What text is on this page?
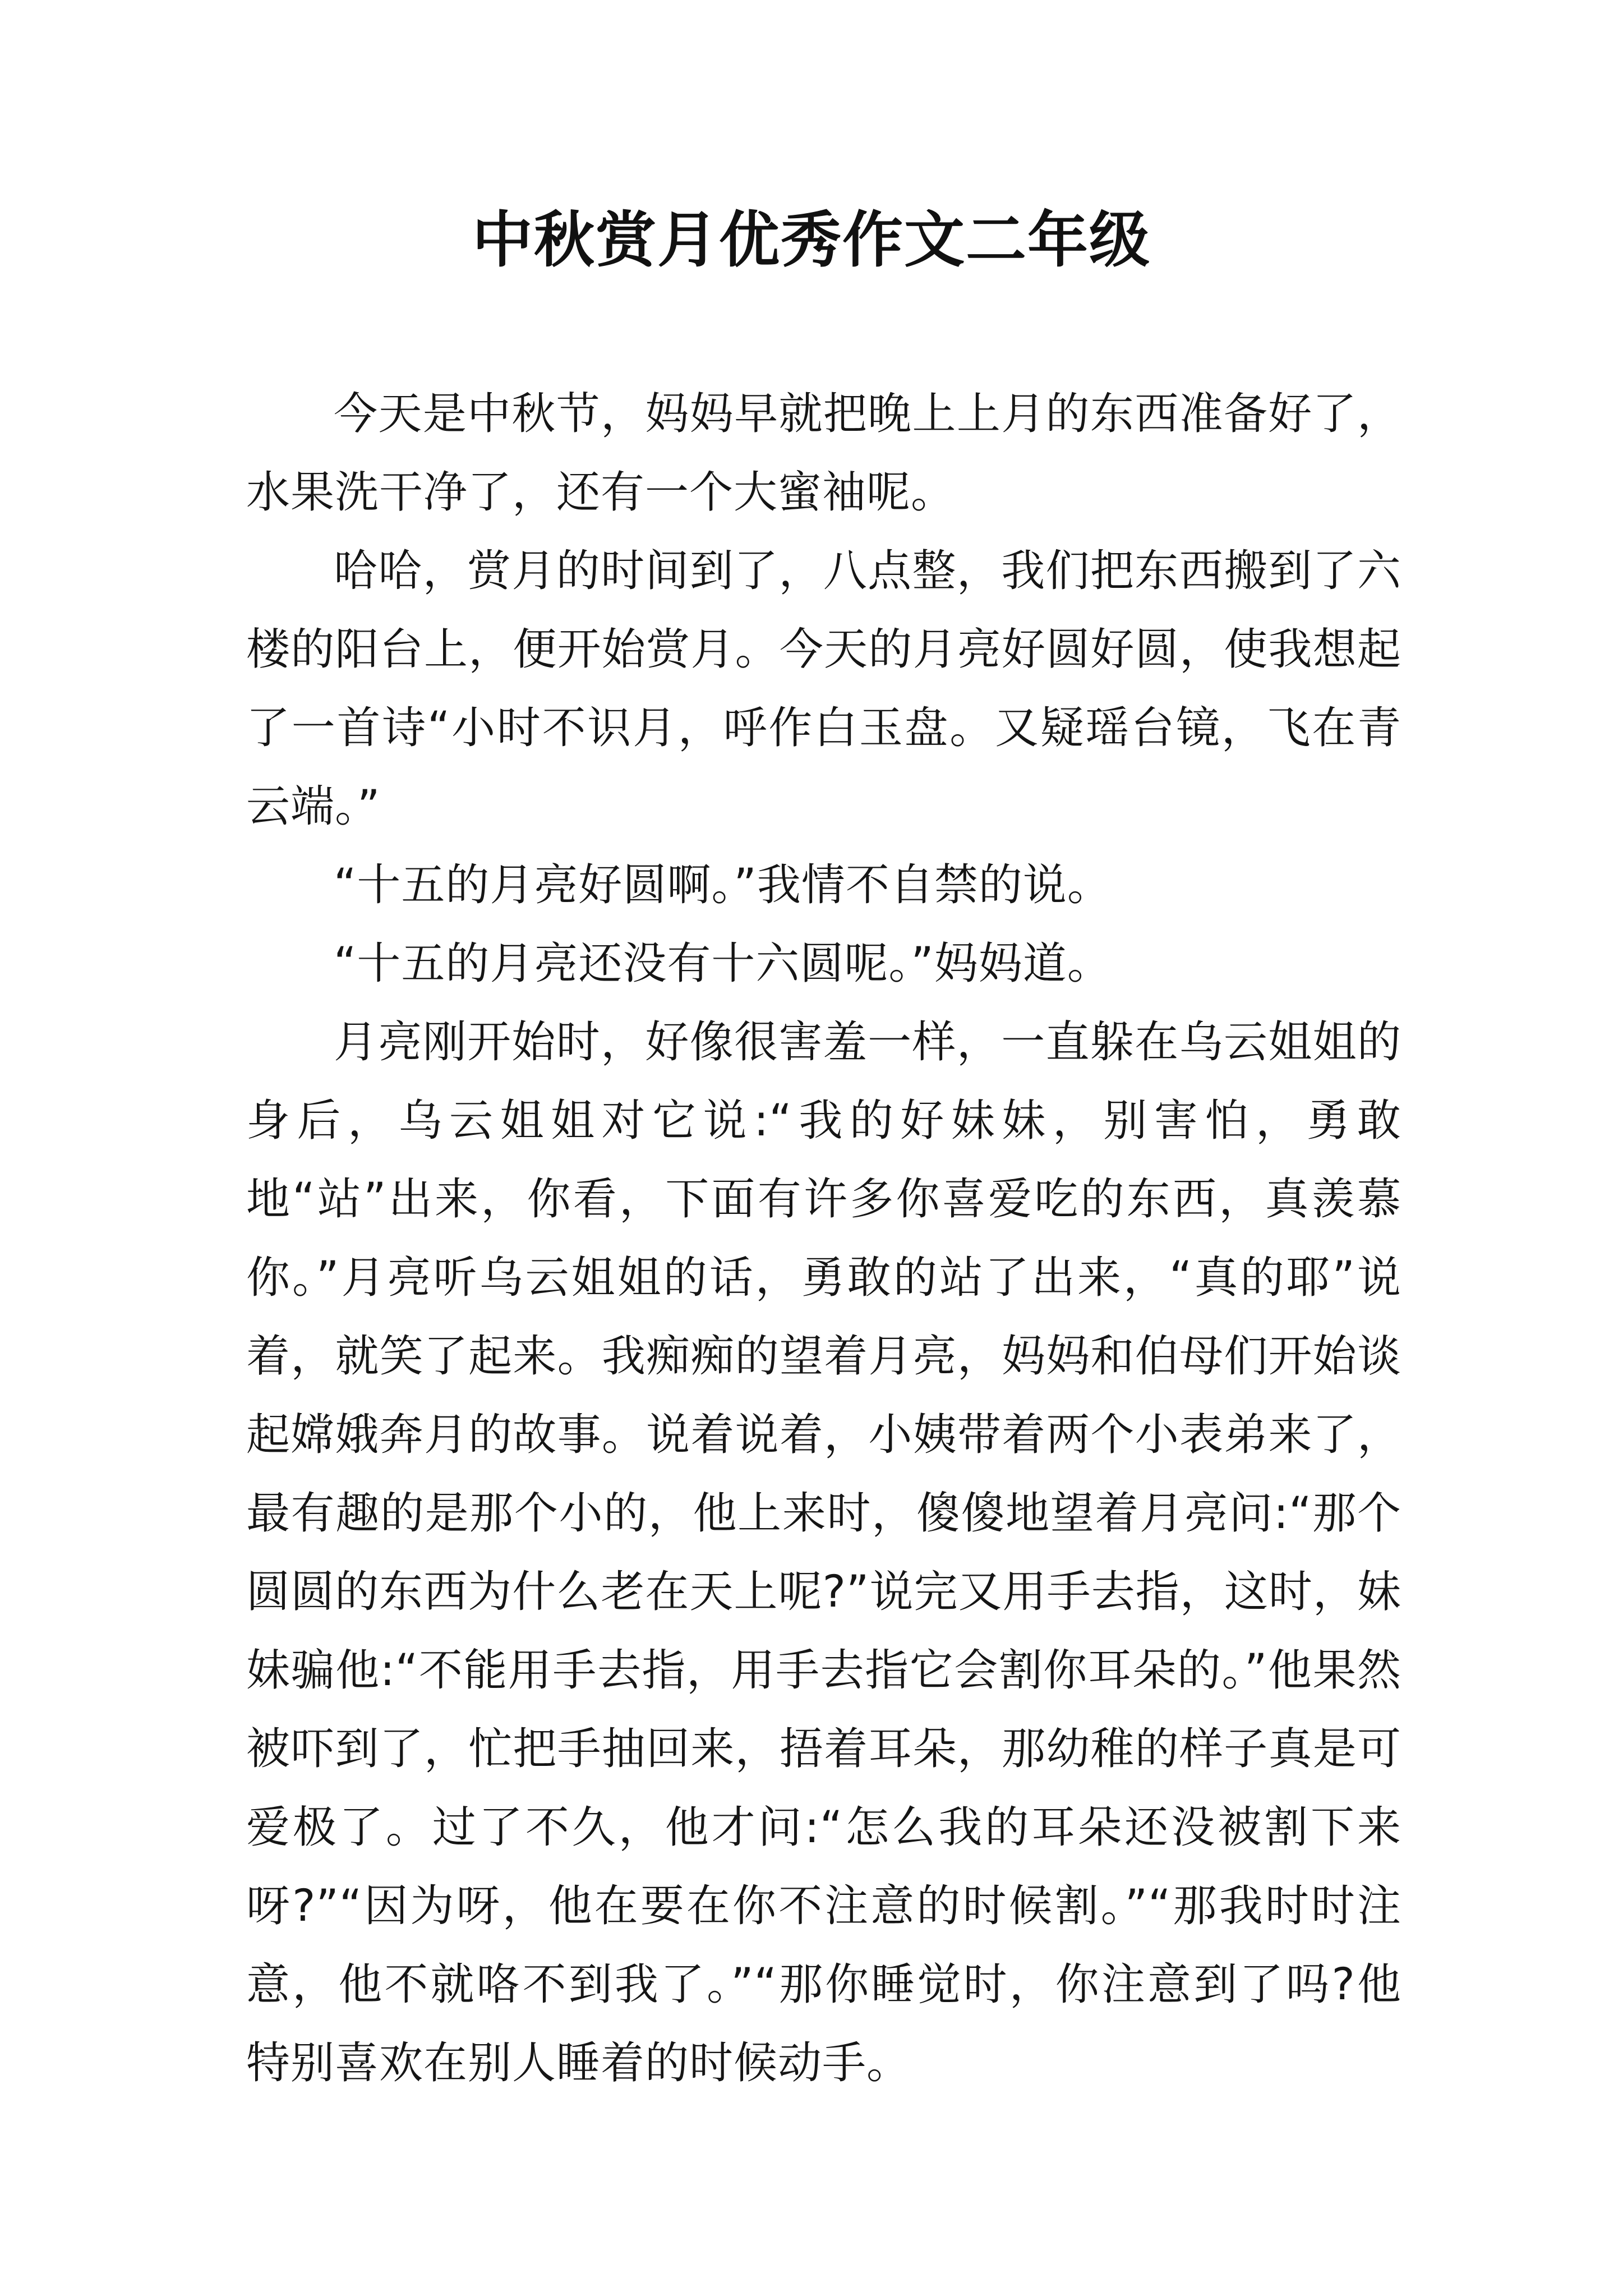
中秋赏月优秀作文二年级

今天是中秋节，妈妈早就把晚上上月的东西准备好了，水果洗干净了，还有一个大蜜袖呢。

哈哈，赏月的时间到了，八点整，我们把东西搬到了六楼的阳台上，便开始赏月。今天的月亮好圆好圆，使我想起了一首诗“小时不识月，呼作白玉盘。又疑瑶台镜，飞在青云端。”

“十五的月亮好圆啊。”我情不自禁的说。

“十五的月亮还没有十六圆呢。”妈妈道。

月亮刚开始时，好像很害羞一样，一直躲在乌云姐姐的身后，乌云姐姐对它说:“我的好妹妹，别害怕，勇敢地“站”出来，你看，下面有许多你喜爱吃的东西，真羡慕你。”月亮听乌云姐姐的话，勇敢的站了出来，“真的耶”说着，就笑了起来。我痴痴的望着月亮，妈妈和伯母们开始谈起嫦娥奔月的故事。说着说着，小姨带着两个小表弟来了，最有趣的是那个小的，他上来时，傻傻地望着月亮问:“那个圆圆的东西为什么老在天上呢?”说完又用手去指，这时，妹妹骗他:“不能用手去指，用手去指它会割你耳朵的。”他果然被吓到了，忙把手抽回来，捂着耳朵，那幼稚的样子真是可爱极了。过了不久，他才问:“怎么我的耳朵还没被割下来呀?”“因为呀，他在要在你不注意的时候割。”“那我时时注意，他不就咯不到我了。”“那你睡觉时，你注意到了吗?他特别喜欢在别人睡着的时候动手。
